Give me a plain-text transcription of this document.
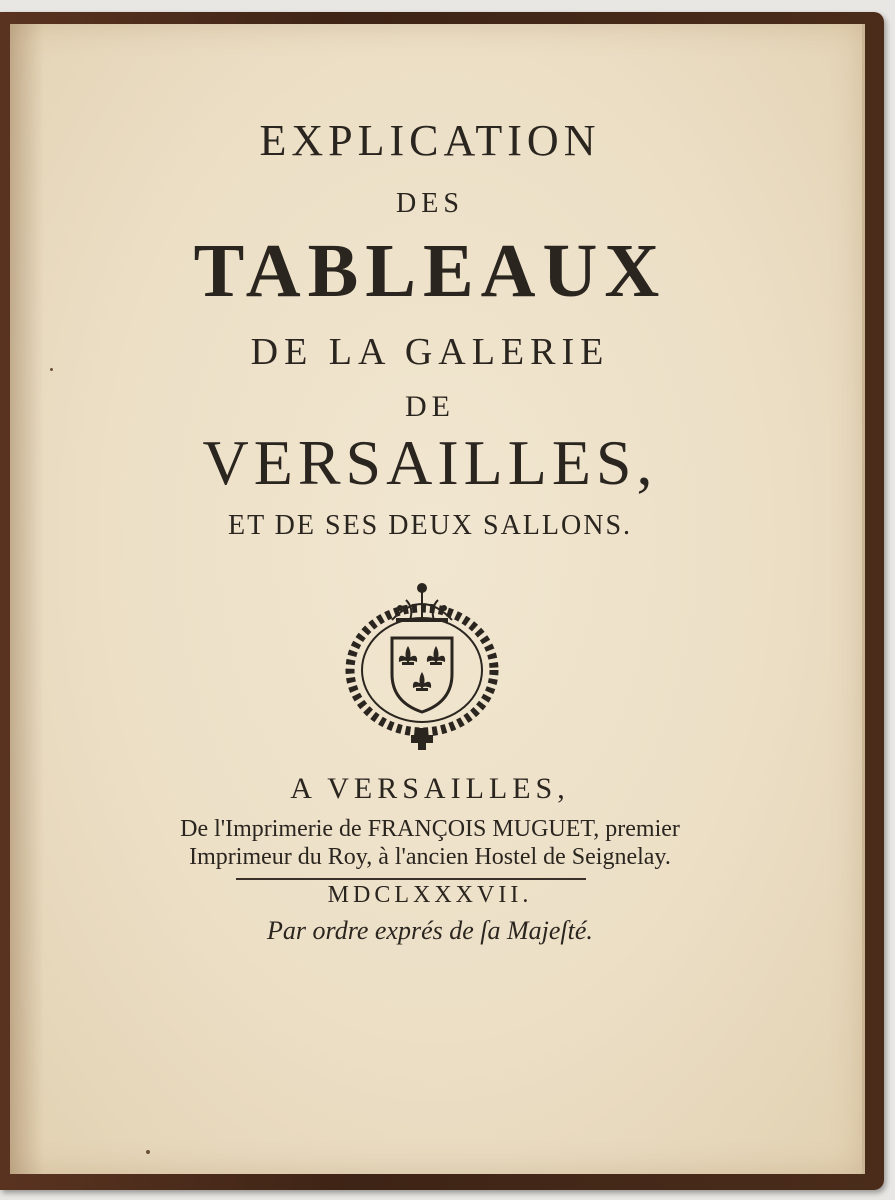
EXPLICATION
DES
TABLEAUX
DE LA GALERIE
DE
VERSAILLES,
ET DE SES DEUX SALLONS.
A VERSAILLES,
De l'Imprimerie de FRANÇOIS MUGUET, premier
Imprimeur du Roy, à l'ancien Hostel de Seignelay.
MDCLXXXVII.
Par ordre exprés de ſa Majeſté.
